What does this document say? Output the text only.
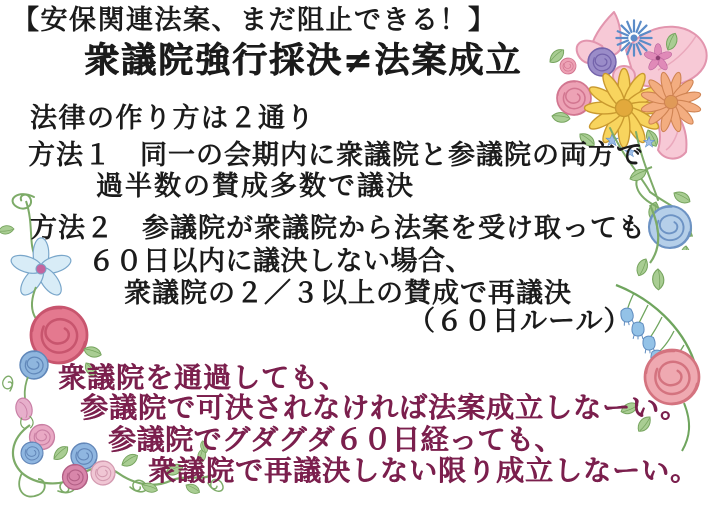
【安保関連法案、まだ阻止できる！】
衆議院強行採決≠法案成立
法律の作り方は２通り
方法１　同一の会期内に衆議院と参議院の両方で
過半数の賛成多数で議決
方法２　参議院が衆議院から法案を受け取っても
６０日以内に議決しない場合、
衆議院の２／３以上の賛成で再議決
（６０日ルール）
衆議院を通過しても、
参議院で可決されなければ法案成立しなーい。
参議院でグダグダ６０日経っても、
衆議院で再議決しない限り成立しなーい。
